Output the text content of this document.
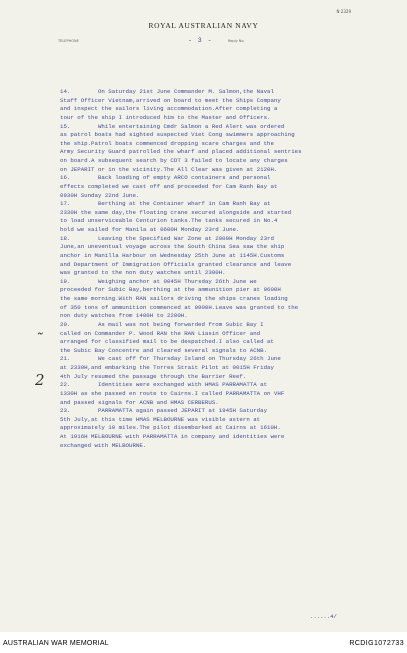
N 2329
ROYAL AUSTRALIAN NAVY
TELEPHONE	- 3 -	Reply No.
14.        On Saturday 21st June Commander M. Salmon,the Naval
Staff Officer Vietnam,arrived on board to meet the Ships Company
and inspect the sailors living accommodation.After completing a
tour of the ship I introduced him to the Master and Officers.
15.        While entertaining Cmdr Salmon a Red Alert was ordered
as patrol boats had sighted suspected Viet Cong swimmers approaching
the ship.Patrol boats commenced dropping scare charges and the
Army Security Guard patrolled the wharf and placed additional sentries
on board.A subsequent search by CDT 3 failed to locate any charges
on JEPARIT or in the vicinity.The All Clear was given at 2120H.
16.        Back loading of empty ARCO containers and personal
effects completed we cast off and proceeded for Cam Ranh Bay at
0930H Sunday 22nd June.
17.        Berthing at the Container wharf in Cam Ranh Bay at
2330H the same day,the floating crane secured alongside and started
to load unserviceable Centurion tanks.The tanks secured in No.4
hold we sailed for Manila at 0600H Monday 23rd June.
18.        Leaving the Specified War Zone at 2000H Monday 23rd
June,an uneventual voyage across the South China Sea saw the ship
anchor in Manilla Harbour on Wednesday 25th June at 1145H.Customs
and Department of Immigration Officials granted clearance and leave
was granted to the non duty watches until 2300H.
19.        Weighing anchor at 0045H Thursday 26th June we
proceeded for Subic Bay,berthing at the ammunition pier at 0600H
the same morning.With RAN sailors driving the ships cranes loading
of 350 tons of ammunition commenced at 0900H.Leave was granted to the
non duty watches from 1400H to 2200H.
20.        As mail was not being forwarded from Subic Bay I
called on Commander P. Wood RAN the RAN Liasin Officer and
arranged for classified mail to be despatched.I also called at
the Subic Bay Concentre and cleared several signals to ACNB.
21.        We cast off for Thursday Island on Thursday 26th June
at 2330H,and embarking the Torres Strait Pilot at 0015H Friday
4th July resumed the passage through the Barrier Reef.
22.        Identities were exchanged with HMAS PARRAMATTA at
1330H as she passed en route to Cairns.I called PARRAMATTA on VHF
and passed signals for ACNB and HMAS CERBERUS.
23.        PARRAMATTA again passed JEPARIT at 1945H Saturday
5th July,at this time HMAS MELBOURNE was visible astern at
approximately 10 miles.The pilot disembarked at Cairns at 1610H.
At 1916H MELBOURNE with PARRAMATTA in company and identities were
exchanged with MELBOURNE.
˜
2
......4/
AUSTRALIAN WAR MEMORIAL	RCDIG1072733
